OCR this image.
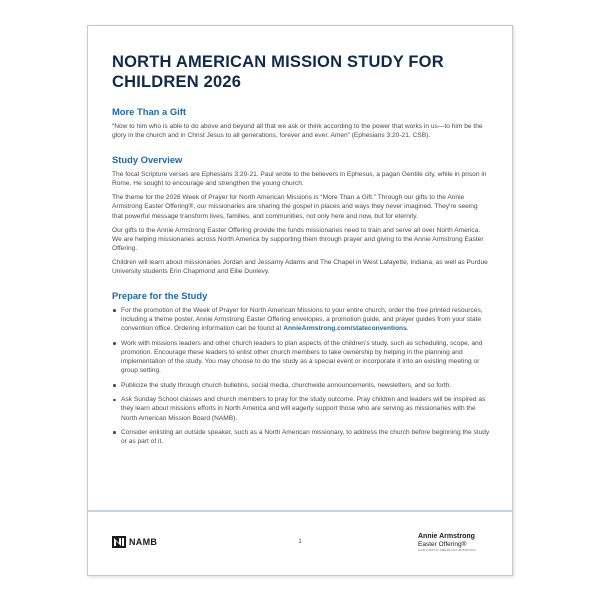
NORTH AMERICAN MISSION STUDY FOR
CHILDREN 2026
More Than a Gift

“Now to him who is able to do above and beyond all that we ask or think according to the power that works in us—to him be the glory in the church and in Christ Jesus to all generations, forever and ever. Amen” (Ephesians 3:20-21, CSB).

Study Overview

The focal Scripture verses are Ephesians 3:20-21. Paul wrote to the believers in Ephesus, a pagan Gentile city, while in prison in Rome. He sought to encourage and strengthen the young church.

The theme for the 2026 Week of Prayer for North American Missions is “More Than a Gift.” Through our gifts to the Annie Armstrong Easter Offering®, our missionaries are sharing the gospel in places and ways they never imagined. They’re seeing that powerful message transform lives, families, and communities, not only here and now, but for eternity.

Our gifts to the Annie Armstrong Easter Offering provide the funds missionaries need to train and serve all over North America. We are helping missionaries across North America by supporting them through prayer and giving to the Annie Armstrong Easter Offering.

Children will learn about missionaries Jordan and Jessamy Adams and The Chapel in West Lafayette, Indiana, as well as Purdue University students Erin Chapmond and Ellie Dunlevy.

Prepare for the Study
For the promotion of the Week of Prayer for North American Missions to your entire church, order the free printed resources, including a theme poster, Annie Armstrong Easter Offering envelopes, a promotion guide, and prayer guides from your state convention office. Ordering information can be found at AnnieArmstrong.com/stateconventions.
Work with missions leaders and other church leaders to plan aspects of the children’s study, such as scheduling, scope, and promotion. Encourage these leaders to enlist other church members to take ownership by helping in the planning and implementation of the study. You may choose to do the study as a special event or incorporate it into an existing meeting or group setting.
Publicize the study through church bulletins, social media, churchwide announcements, newsletters, and so forth.
Ask Sunday School classes and church members to pray for the study outcome. Pray children and leaders will be inspired as they learn about missions efforts in North America and will eagerly support those who are serving as missionaries with the North American Mission Board (NAMB).
Consider enlisting an outside speaker, such as a North American missionary, to address the church before beginning the study or as part of it.
NAMB	1
Annie Armstrong
Easter Offering®
FOR NORTH AMERICAN MISSIONS
